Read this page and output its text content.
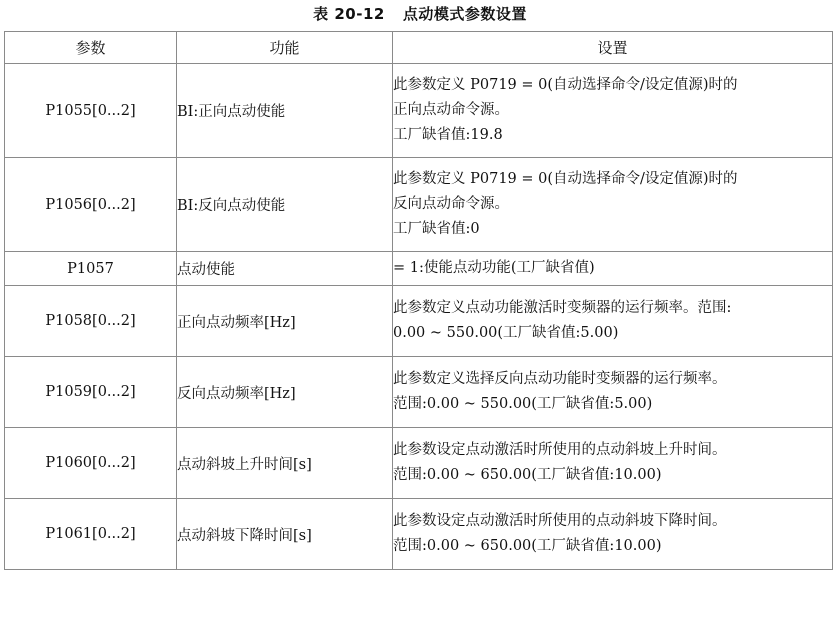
表 20-12 点动模式参数设置
参数	功能	设置
P1055[0...2]	BI:正向点动使能	此参数定义 P0719 = 0(自动选择命令/设定值源)时的
正向点动命令源。
工厂缺省值:19.8

P1056[0...2]	BI:反向点动使能	此参数定义 P0719 = 0(自动选择命令/设定值源)时的
反向点动命令源。
工厂缺省值:0

P1057	点动使能	= 1:使能点动功能(工厂缺省值)

P1058[0...2]	正向点动频率[Hz]	此参数定义点动功能激活时变频器的运行频率。范围:
0.00 ~ 550.00(工厂缺省值:5.00)

P1059[0...2]	反向点动频率[Hz]	此参数定义选择反向点动功能时变频器的运行频率。
范围:0.00 ~ 550.00(工厂缺省值:5.00)

P1060[0...2]	点动斜坡上升时间[s]	此参数设定点动激活时所使用的点动斜坡上升时间。
范围:0.00 ~ 650.00(工厂缺省值:10.00)

P1061[0...2]	点动斜坡下降时间[s]	此参数设定点动激活时所使用的点动斜坡下降时间。
范围:0.00 ~ 650.00(工厂缺省值:10.00)
